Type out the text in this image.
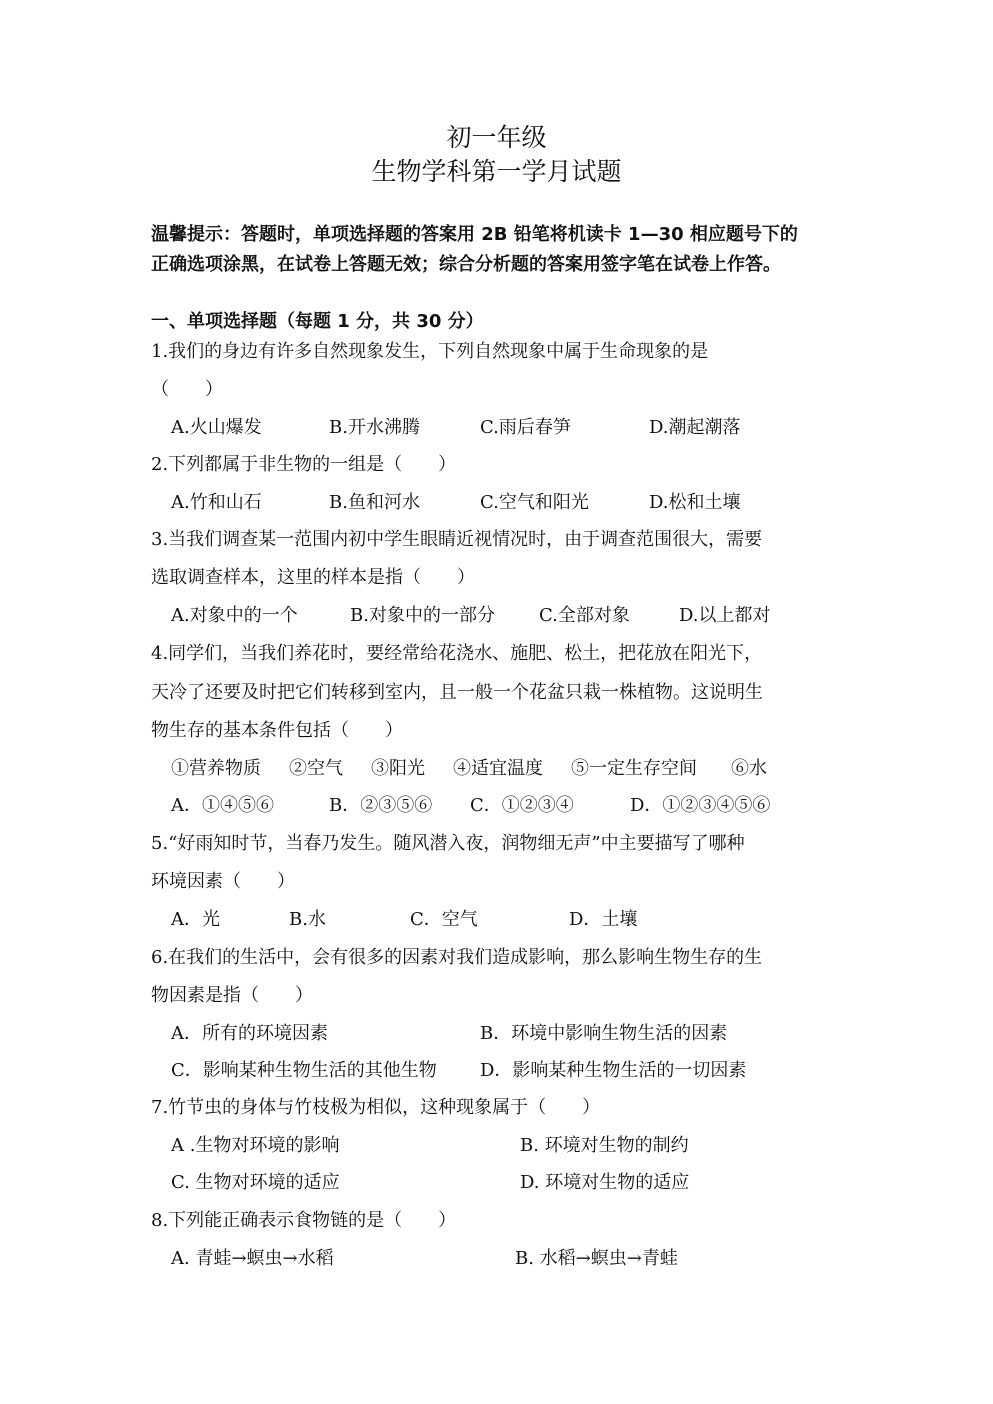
初一年级
生物学科第一学月试题
温馨提示：答题时，单项选择题的答案用 2B 铅笔将机读卡 1—30 相应题号下的
正确选项涂黑，在试卷上答题无效；综合分析题的答案用签字笔在试卷上作答。
一、单项选择题（每题 1 分，共 30 分）
1.我们的身边有许多自然现象发生，下列自然现象中属于生命现象的是
（　　）
A.火山爆发	B.开水沸腾	C.雨后春笋	D.潮起潮落
2.下列都属于非生物的一组是（　　）
A.竹和山石	B.鱼和河水	C.空气和阳光	D.松和土壤
3.当我们调查某一范围内初中学生眼睛近视情况时，由于调查范围很大，需要
选取调查样本，这里的样本是指（　　）
A.对象中的一个	B.对象中的一部分 C.全部对象	D.以上都对
4.同学们，当我们养花时，要经常给花浇水、施肥、松土，把花放在阳光下，
天冷了还要及时把它们转移到室内，且一般一个花盆只栽一株植物。这说明生
物生存的基本条件包括（　　）
①营养物质 ②空气 ③阳光 ④适宜温度 ⑤一定生存空间 ⑥水
A．①④⑤⑥	B．②③⑤⑥ C．①②③④	D．①②③④⑤⑥
5.“好雨知时节，当春乃发生。随风潜入夜，润物细无声”中主要描写了哪种
环境因素（　　）
A．光	B.水	C．空气	D．土壤
6.在我们的生活中，会有很多的因素对我们造成影响，那么影响生物生存的生
物因素是指（　　）
A．所有的环境因素	B．环境中影响生物生活的因素
C．影响某种生物生活的其他生物 D．影响某种生物生活的一切因素
7.竹节虫的身体与竹枝极为相似，这种现象属于（　　）
A .生物对环境的影响	B. 环境对生物的制约
C. 生物对环境的适应	D. 环境对生物的适应
8.下列能正确表示食物链的是（　　）
A. 青蛙→螟虫→水稻	B. 水稻→螟虫→青蛙
